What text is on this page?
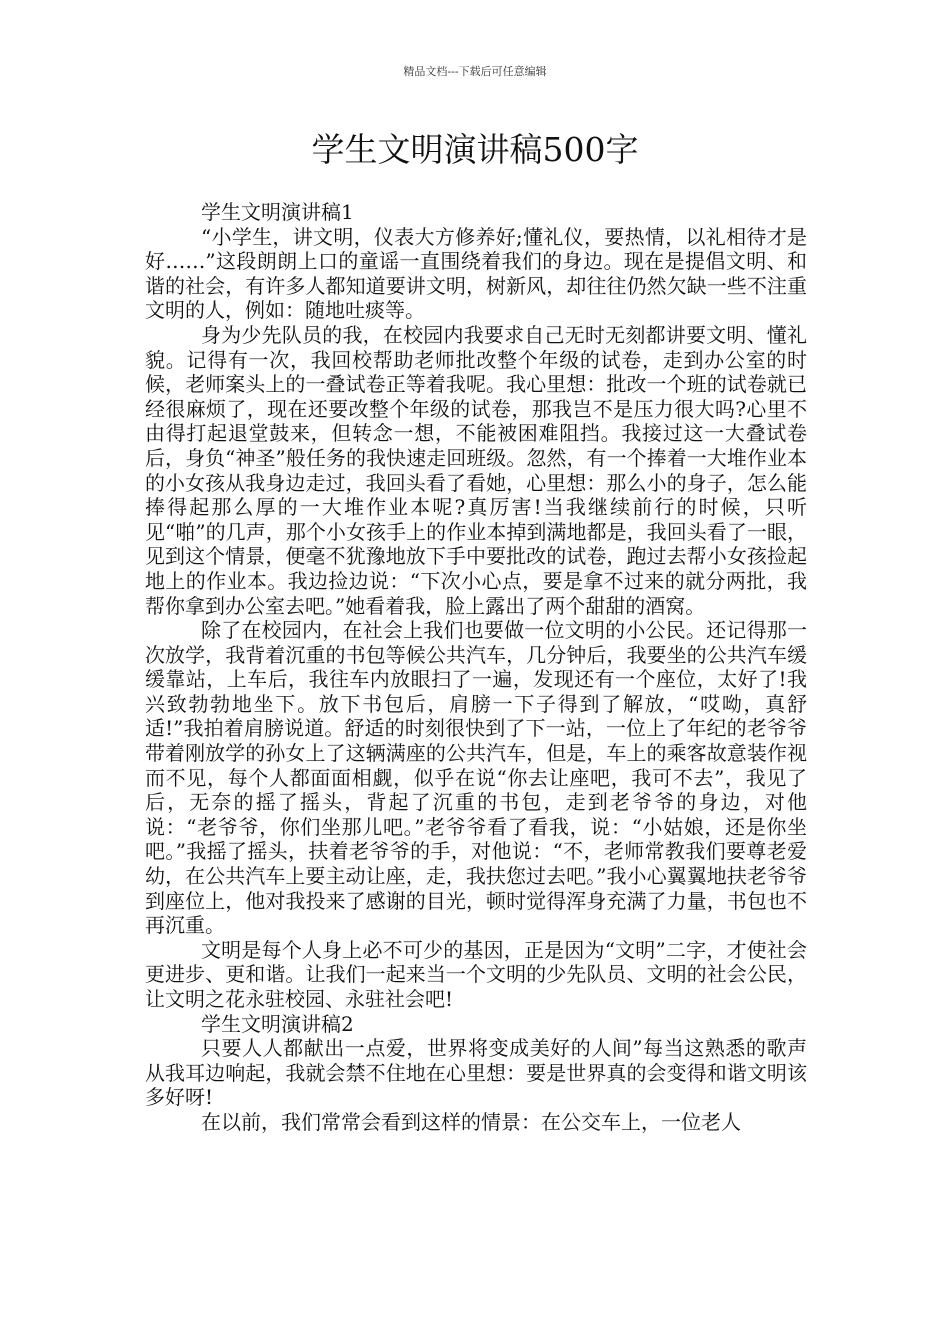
精品文档---下载后可任意编辑
学生文明演讲稿500字

学生文明演讲稿1

“小学生，讲文明，仪表大方修养好;懂礼仪，要热情，以礼相待才是好……”这段朗朗上口的童谣一直围绕着我们的身边。现在是提倡文明、和谐的社会，有许多人都知道要讲文明，树新风，却往往仍然欠缺一些不注重文明的人，例如：随地吐痰等。

身为少先队员的我，在校园内我要求自己无时无刻都讲要文明、懂礼貌。记得有一次，我回校帮助老师批改整个年级的试卷，走到办公室的时候，老师案头上的一叠试卷正等着我呢。我心里想：批改一个班的试卷就已经很麻烦了，现在还要改整个年级的试卷，那我岂不是压力很大吗?心里不由得打起退堂鼓来，但转念一想，不能被困难阻挡。我接过这一大叠试卷后，身负“神圣”般任务的我快速走回班级。忽然，有一个捧着一大堆作业本的小女孩从我身边走过，我回头看了看她，心里想：那么小的身子，怎么能捧得起那么厚的一大堆作业本呢?真厉害!当我继续前行的时候，只听见“啪”的几声，那个小女孩手上的作业本掉到满地都是，我回头看了一眼，见到这个情景，便毫不犹豫地放下手中要批改的试卷，跑过去帮小女孩捡起地上的作业本。我边捡边说：“下次小心点，要是拿不过来的就分两批，我帮你拿到办公室去吧。”她看着我，脸上露出了两个甜甜的酒窝。

除了在校园内，在社会上我们也要做一位文明的小公民。还记得那一次放学，我背着沉重的书包等候公共汽车，几分钟后，我要坐的公共汽车缓缓靠站，上车后，我往车内放眼扫了一遍，发现还有一个座位，太好了!我兴致勃勃地坐下。放下书包后，肩膀一下子得到了解放，“哎呦，真舒适!”我拍着肩膀说道。舒适的时刻很快到了下一站，一位上了年纪的老爷爷带着刚放学的孙女上了这辆满座的公共汽车，但是，车上的乘客故意装作视而不见，每个人都面面相觑，似乎在说“你去让座吧，我可不去”，我见了后，无奈的摇了摇头，背起了沉重的书包，走到老爷爷的身边，对他说：“老爷爷，你们坐那儿吧。”老爷爷看了看我，说：“小姑娘，还是你坐吧。”我摇了摇头，扶着老爷爷的手，对他说：“不，老师常教我们要尊老爱幼，在公共汽车上要主动让座，走，我扶您过去吧。”我小心翼翼地扶老爷爷到座位上，他对我投来了感谢的目光，顿时觉得浑身充满了力量，书包也不再沉重。

文明是每个人身上必不可少的基因，正是因为“文明”二字，才使社会更进步、更和谐。让我们一起来当一个文明的少先队员、文明的社会公民，让文明之花永驻校园、永驻社会吧!

学生文明演讲稿2

只要人人都献出一点爱，世界将变成美好的人间”每当这熟悉的歌声从我耳边响起，我就会禁不住地在心里想：要是世界真的会变得和谐文明该多好呀!

在以前，我们常常会看到这样的情景：在公交车上，一位老人
